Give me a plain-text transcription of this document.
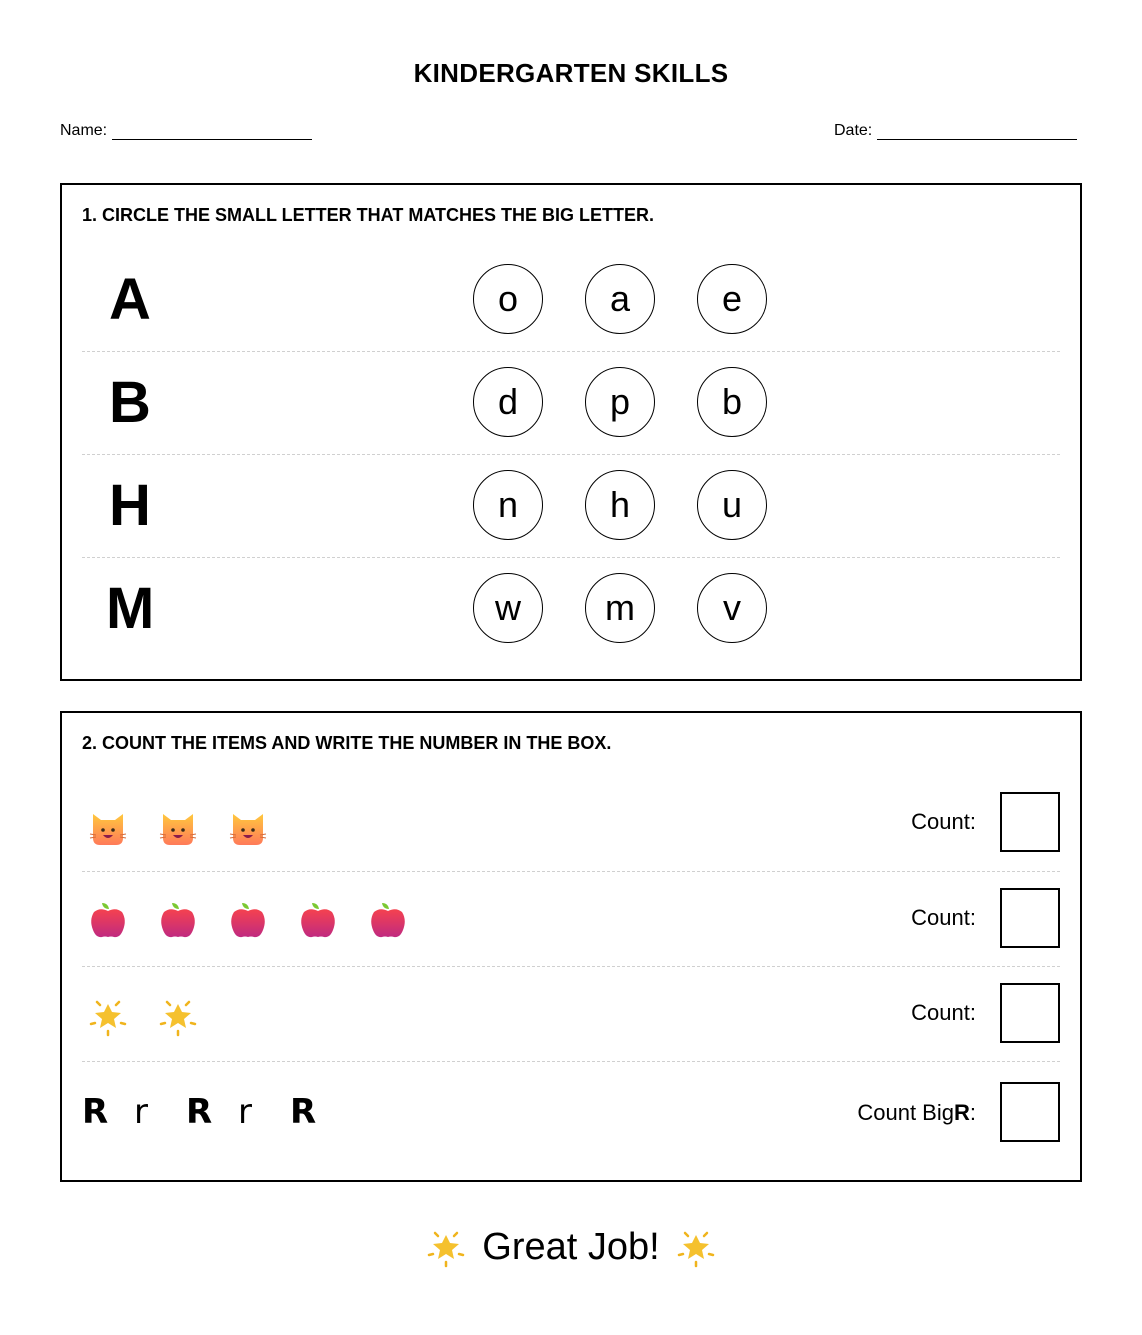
KINDERGARTEN SKILLS
Name:	Date:
1. CIRCLE THE SMALL LETTER THAT MATCHES THE BIG LETTER.
A	o	a	e
B	d	p	b
H	n	h	u
M	w	m	v
2. COUNT THE ITEMS AND WRITE THE NUMBER IN THE BOX.
Count:
Count:
Count:
R r	R r	R	Count BigR:
Great Job!
